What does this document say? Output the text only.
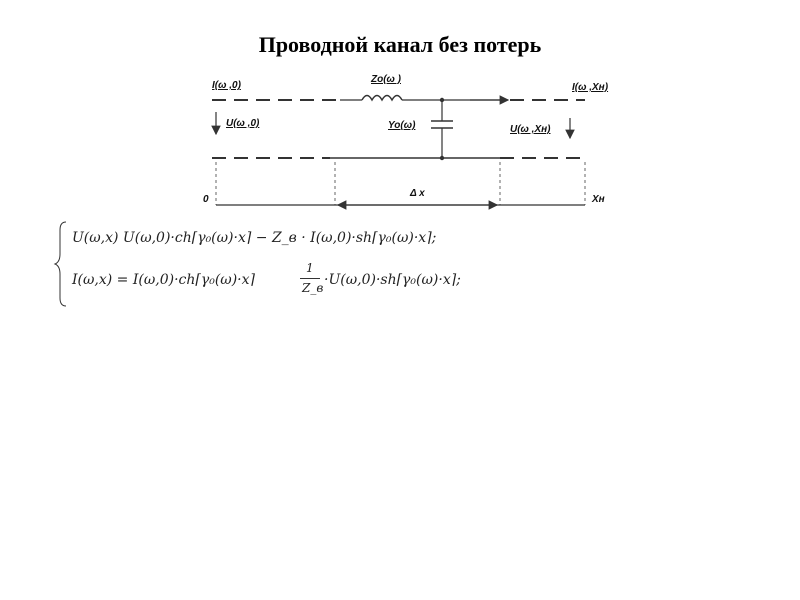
Проводной канал без потерь
I(ω ,0)
U(ω ,0)
Zo(ω )
Yo(ω)
I(ω ,Xн)
U(ω ,Xн)
0
Δ x
Xн
U(ω,x) U(ω,0)·ch⌈γ₀(ω)·x⌉ − Z_в · I(ω,0)·sh⌈γ₀(ω)·x⌉;
I(ω,x) = I(ω,0)·ch⌈γ₀(ω)·x⌉
1
Z_в ·U(ω,0)·sh⌈γ₀(ω)·x⌉;
